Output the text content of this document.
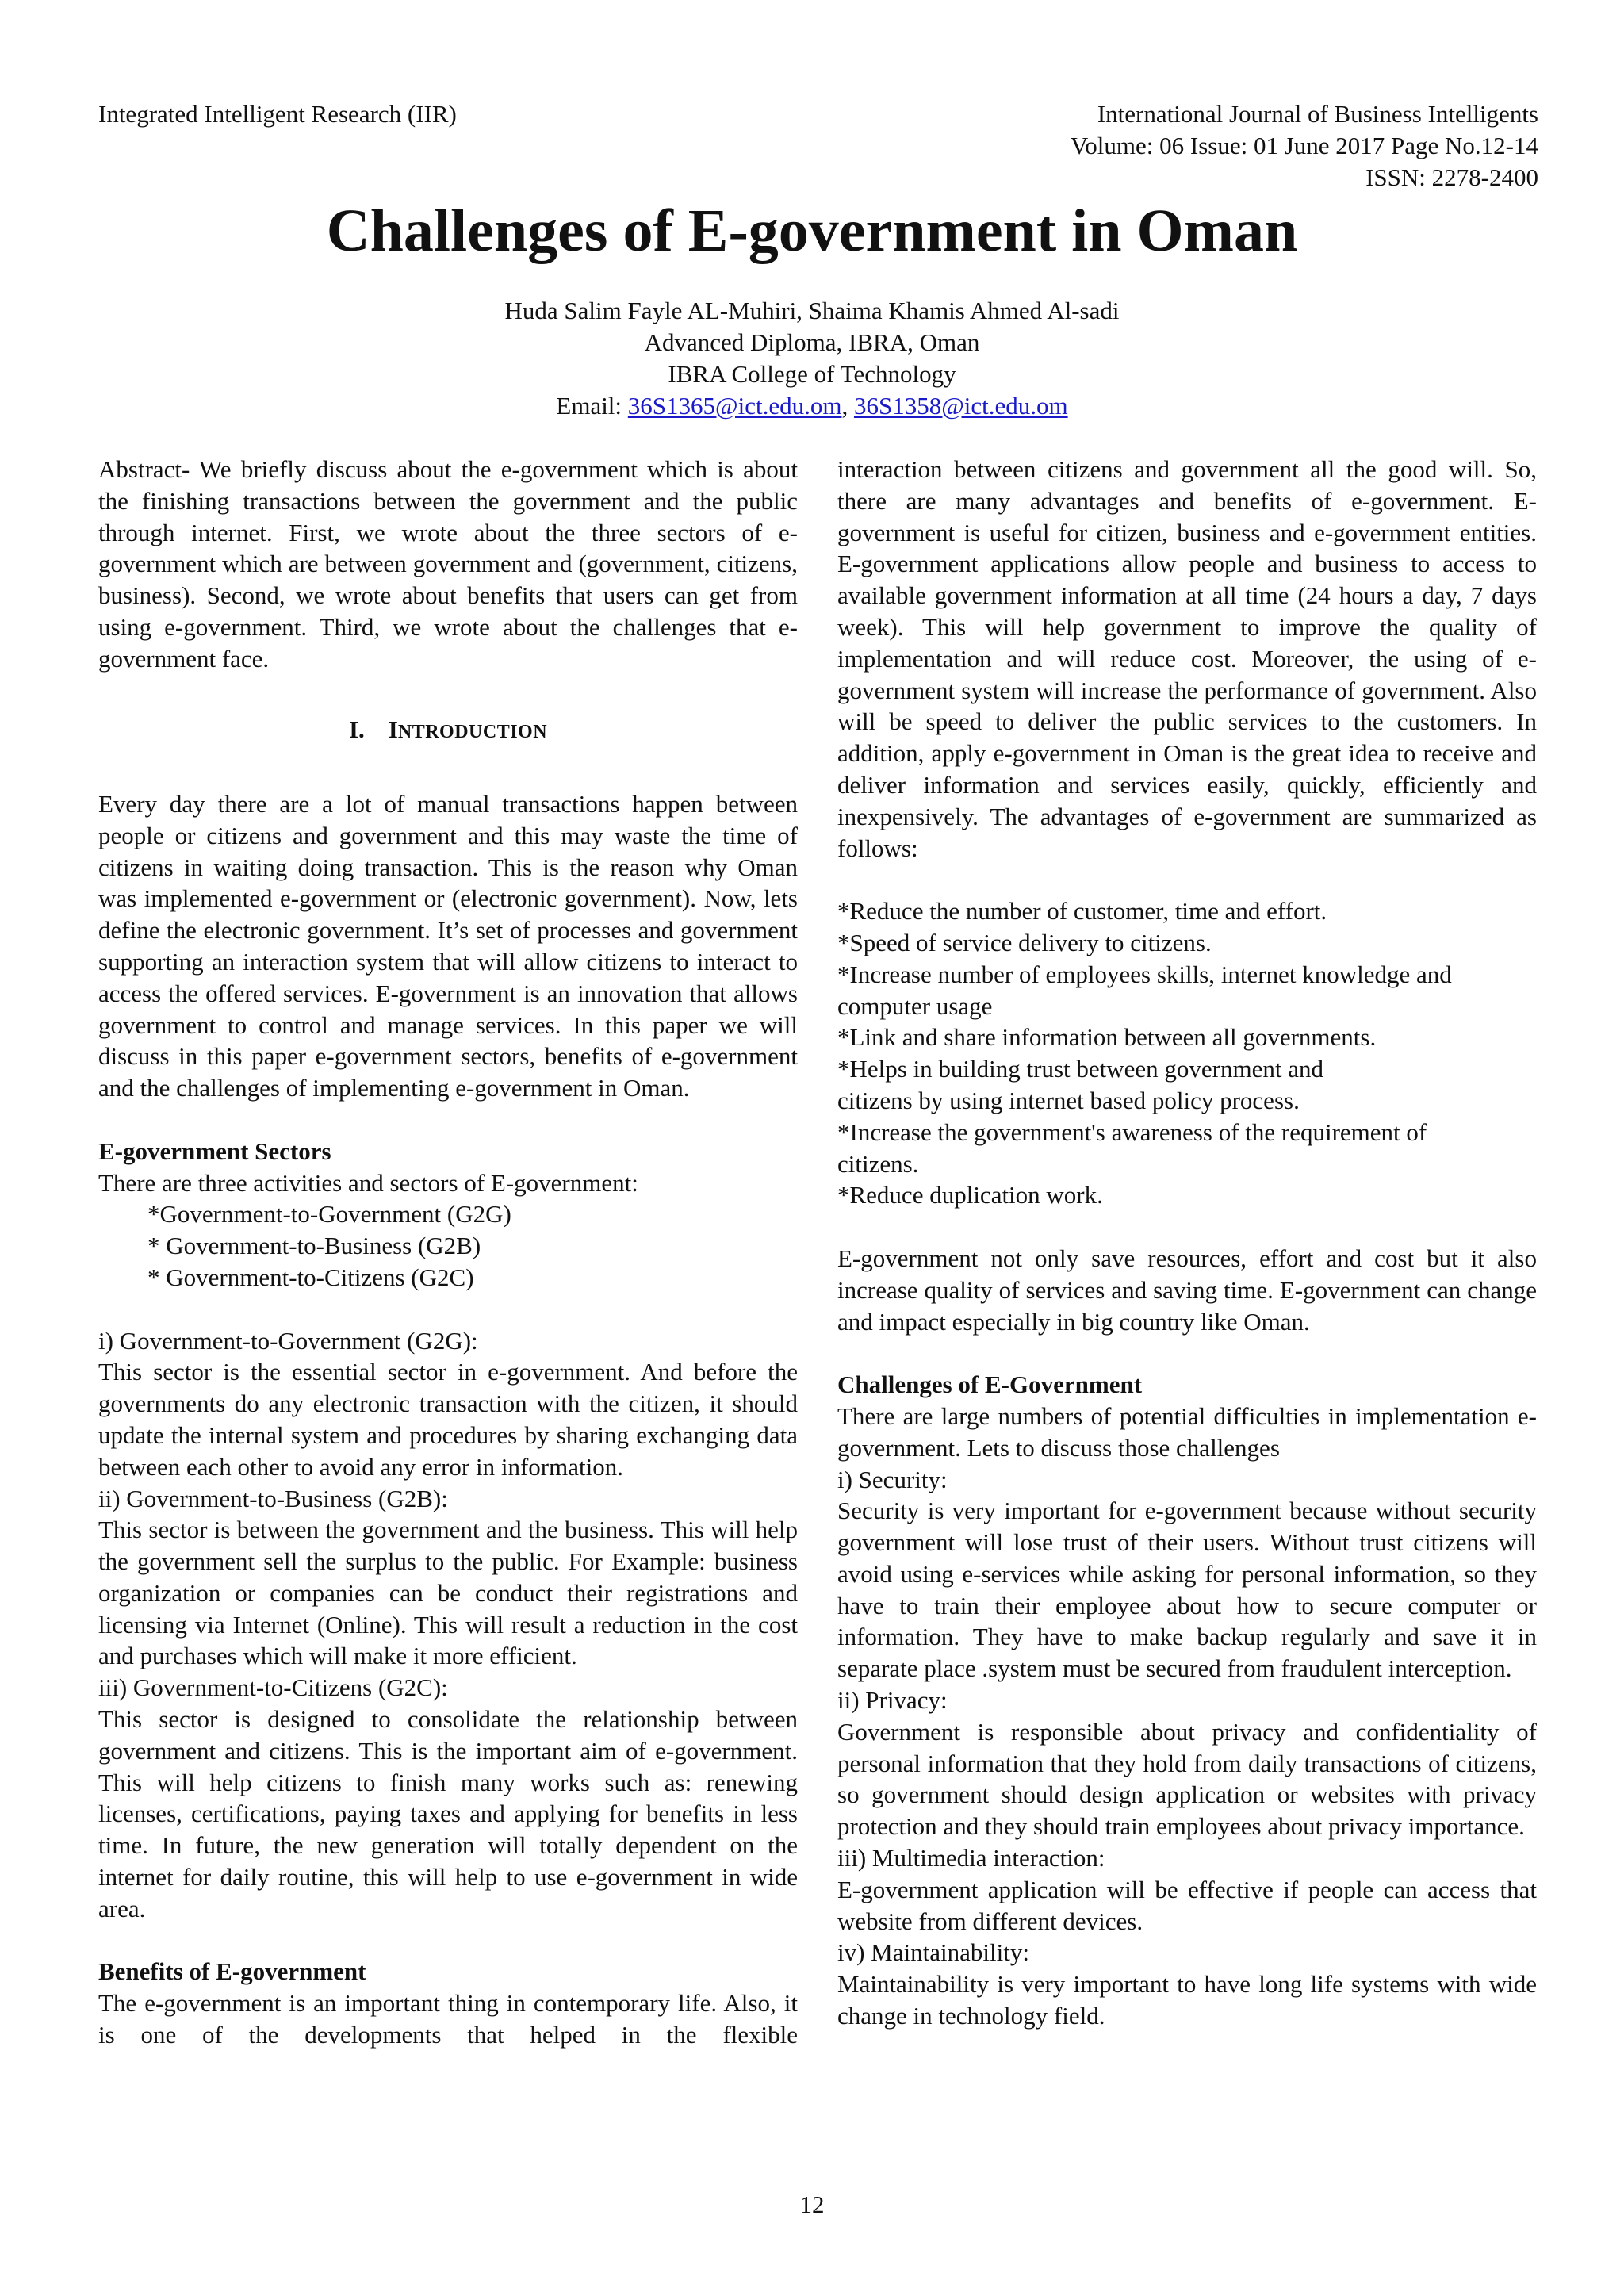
Integrated Intelligent Research (IIR)	International Journal of Business Intelligents
Volume: 06 Issue: 01 June 2017 Page No.12-14
ISSN: 2278-2400
Challenges of E-government in Oman
Huda Salim Fayle AL-Muhiri, Shaima Khamis Ahmed Al-sadi
Advanced Diploma, IBRA, Oman
IBRA College of Technology
Email: 36S1365@ict.edu.om, 36S1358@ict.edu.om
Abstract- We briefly discuss about the e-government which is about the finishing transactions between the government and the public through internet. First, we wrote about the three sectors of e-government which are between government and (government, citizens, business). Second, we wrote about benefits that users can get from using e-government. Third, we wrote about the challenges that e-government face.
I. INTRODUCTION
Every day there are a lot of manual transactions happen between people or citizens and government and this may waste the time of citizens in waiting doing transaction. This is the reason why Oman was implemented e-government or (electronic government). Now, lets define the electronic government. It’s set of processes and government supporting an interaction system that will allow citizens to interact to access the offered services. E-government is an innovation that allows government to control and manage services. In this paper we will discuss in this paper e-government sectors, benefits of e-government and the challenges of implementing e-government in Oman.
E-government Sectors
There are three activities and sectors of E-government:
*Government-to-Government (G2G)
* Government-to-Business (G2B)
* Government-to-Citizens (G2C)
i) Government-to-Government (G2G):
This sector is the essential sector in e-government. And before the governments do any electronic transaction with the citizen, it should update the internal system and procedures by sharing exchanging data between each other to avoid any error in information.
ii) Government-to-Business (G2B):
This sector is between the government and the business. This will help the government sell the surplus to the public. For Example: business organization or companies can be conduct their registrations and licensing via Internet (Online). This will result a reduction in the cost and purchases which will make it more efficient.
iii) Government-to-Citizens (G2C):
This sector is designed to consolidate the relationship between government and citizens. This is the important aim of e-government. This will help citizens to finish many works such as: renewing licenses, certifications, paying taxes and applying for benefits in less time. In future, the new generation will totally dependent on the internet for daily routine, this will help to use e-government in wide area.
Benefits of E-government
The e-government is an important thing in contemporary life. Also, it is one of the developments that helped in the flexible
interaction between citizens and government all the good will. So, there are many advantages and benefits of e-government. E-government is useful for citizen, business and e-government entities. E-government applications allow people and business to access to available government information at all time (24 hours a day, 7 days week). This will help government to improve the quality of implementation and will reduce cost. Moreover, the using of e-government system will increase the performance of government. Also will be speed to deliver the public services to the customers. In addition, apply e-government in Oman is the great idea to receive and deliver information and services easily, quickly, efficiently and inexpensively. The advantages of e-government are summarized as follows:
*Reduce the number of customer, time and effort.
*Speed of service delivery to citizens.
*Increase number of employees skills, internet knowledge and
computer usage
*Link and share information between all governments.
*Helps in building trust between government and
citizens by using internet based policy process.
*Increase the government's awareness of the requirement of
citizens.
*Reduce duplication work.
E-government not only save resources, effort and cost but it also increase quality of services and saving time. E-government can change and impact especially in big country like Oman.
Challenges of E-Government
There are large numbers of potential difficulties in implementation e-government. Lets to discuss those challenges
i) Security:
Security is very important for e-government because without security government will lose trust of their users. Without trust citizens will avoid using e-services while asking for personal information, so they have to train their employee about how to secure computer or information. They have to make backup regularly and save it in separate place .system must be secured from fraudulent interception.
ii) Privacy:
Government is responsible about privacy and confidentiality of personal information that they hold from daily transactions of citizens, so government should design application or websites with privacy protection and they should train employees about privacy importance.
iii) Multimedia interaction:
E-government application will be effective if people can access that website from different devices.
iv) Maintainability:
Maintainability is very important to have long life systems with wide change in technology field.
12
